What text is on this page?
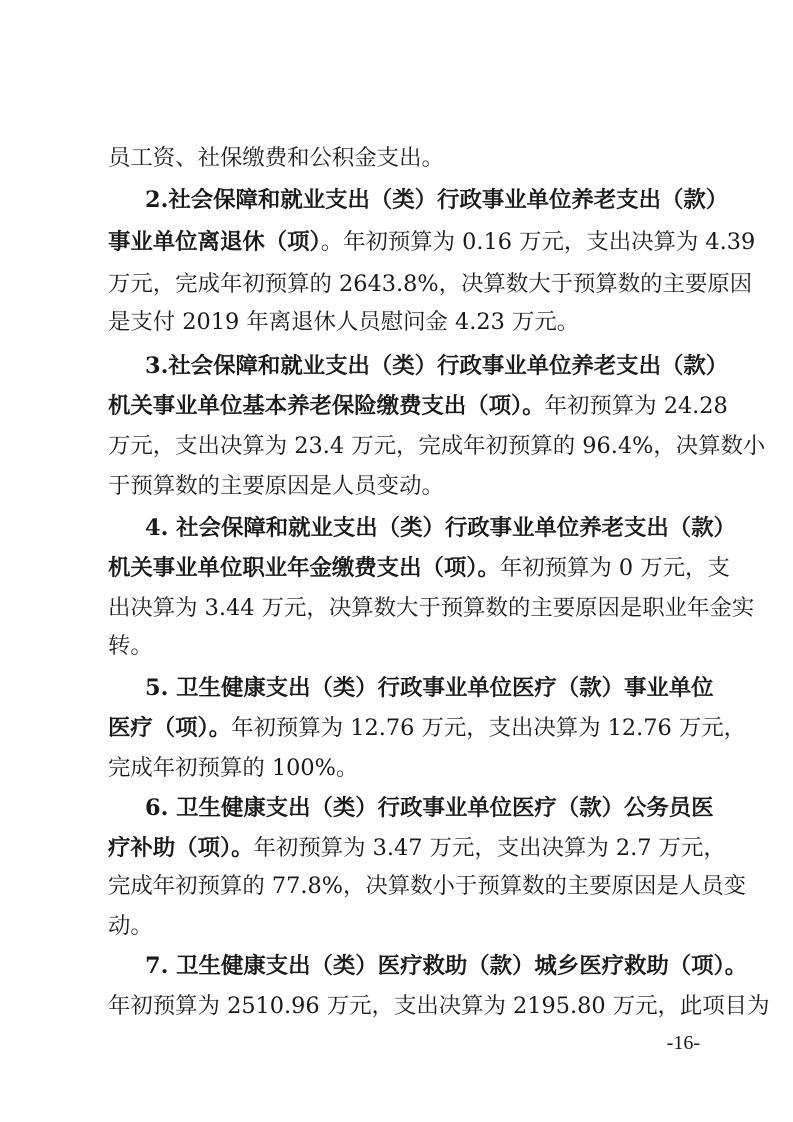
员工资、社保缴费和公积金支出。
2.社会保障和就业支出（类）行政事业单位养老支出（款）
事业单位离退休（项）。年初预算为 0.16 万元，支出决算为 4.39
万元，完成年初预算的 2643.8%，决算数大于预算数的主要原因
是支付 2019 年离退休人员慰问金 4.23 万元。
3.社会保障和就业支出（类）行政事业单位养老支出（款）
机关事业单位基本养老保险缴费支出（项）。年初预算为 24.28
万元，支出决算为 23.4 万元，完成年初预算的 96.4%，决算数小
于预算数的主要原因是人员变动。
4. 社会保障和就业支出（类）行政事业单位养老支出（款）
机关事业单位职业年金缴费支出（项）。年初预算为 0 万元，支
出决算为 3.44 万元，决算数大于预算数的主要原因是职业年金实
转。
5. 卫生健康支出（类）行政事业单位医疗（款）事业单位
医疗（项）。年初预算为 12.76 万元，支出决算为 12.76 万元，
完成年初预算的 100%。
6. 卫生健康支出（类）行政事业单位医疗（款）公务员医
疗补助（项）。年初预算为 3.47 万元，支出决算为 2.7 万元，
完成年初预算的 77.8%，决算数小于预算数的主要原因是人员变
动。
7. 卫生健康支出（类）医疗救助（款）城乡医疗救助（项）。
年初预算为 2510.96 万元，支出决算为 2195.80 万元，此项目为
-16-
